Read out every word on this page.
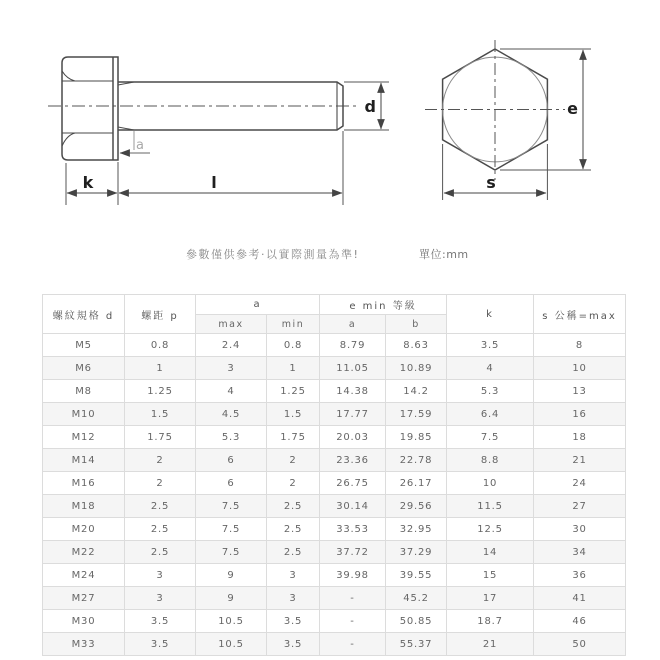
a
k	l
d	e
s
參數僅供參考·以實際測量為準!	單位:mm
螺紋規格 d	螺距 p	a		e min 等級		k	s 公稱=max
		max	min	a	b		
M5	0.8	2.4	0.8	8.79	8.63	3.5	8
M6	1	3	1	11.05	10.89	4	10
M8	1.25	4	1.25	14.38	14.2	5.3	13
M10	1.5	4.5	1.5	17.77	17.59	6.4	16
M12	1.75	5.3	1.75	20.03	19.85	7.5	18
M14	2	6	2	23.36	22.78	8.8	21
M16	2	6	2	26.75	26.17	10	24
M18	2.5	7.5	2.5	30.14	29.56	11.5	27
M20	2.5	7.5	2.5	33.53	32.95	12.5	30
M22	2.5	7.5	2.5	37.72	37.29	14	34
M24	3	9	3	39.98	39.55	15	36
M27	3	9	3	-	45.2	17	41
M30	3.5	10.5	3.5	-	50.85	18.7	46
M33	3.5	10.5	3.5	-	55.37	21	50
